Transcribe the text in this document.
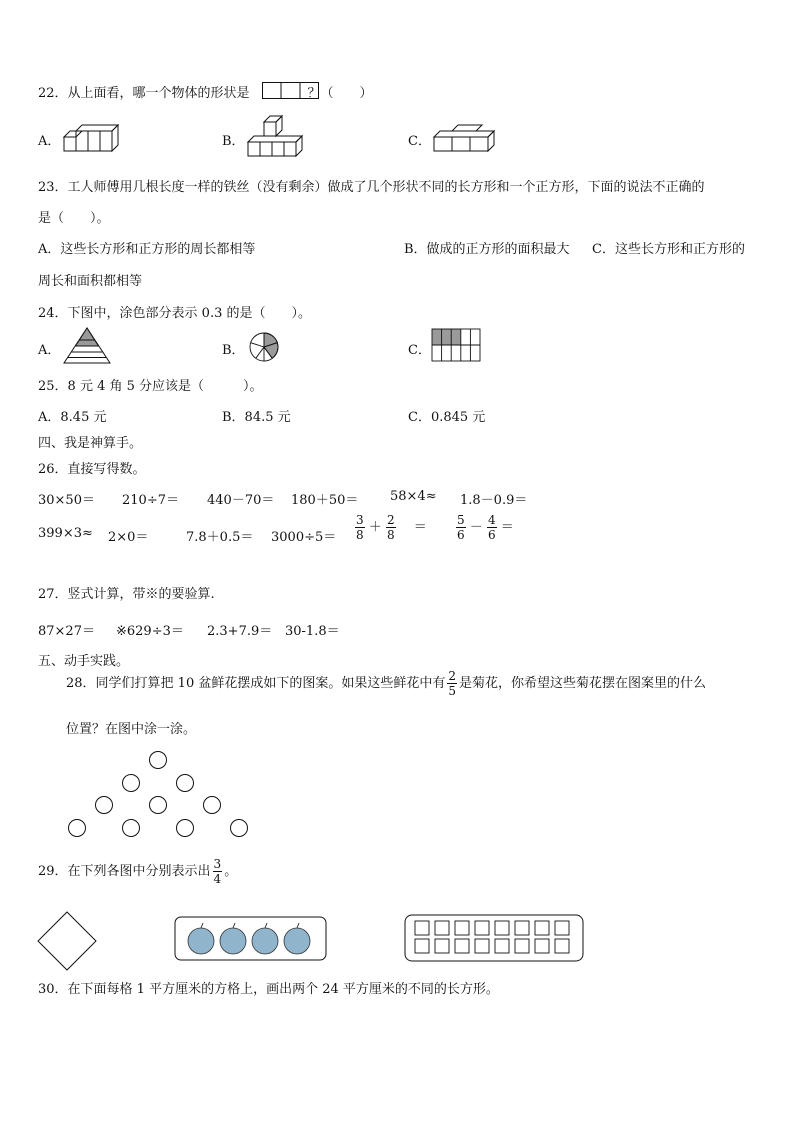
22．从上面看，哪一个物体的形状是	？（　　）
A．	B．	C．
23．工人师傅用几根长度一样的铁丝（没有剩余）做成了几个形状不同的长方形和一个正方形，下面的说法不正确的
是（　　）。
A．这些长方形和正方形的周长都相等	B．做成的正方形的面积最大 C．这些长方形和正方形的
周长和面积都相等
24．下图中，涂色部分表示 0.3 的是（　　）。
A．	B．	C．
25．8 元 4 角 5 分应该是（　　　）。
A．8.45 元	B．84.5 元	C．0.845 元
四、我是神算手。
26．直接写得数。
30×50＝ 210÷7＝ 440－70＝ 180＋50＝ 58×4≈ 1.8－0.9＝
399×3≈ 2×0＝	$7.8+0.5= 3000\div 5= \frac{3}{8} + \frac{2}{8} = \frac{5}{6} - \frac{4}{6}$ ＝
27．竖式计算，带※的要验算.
87×27＝ ※629÷3＝ 2.3+7.9＝ 30-1.8＝
五、动手实践。
28．同学们打算把 10 盆鲜花摆成如下的图案。如果这些鲜花中有 $\frac{2}{5}$ 是菊花，你希望这些菊花摆在图案里的什么
位置？在图中涂一涂。
29．在下列各图中分别表示出 $\frac{3}{4}$ 。
30．在下面每格 1 平方厘米的方格上，画出两个 24 平方厘米的不同的长方形。
